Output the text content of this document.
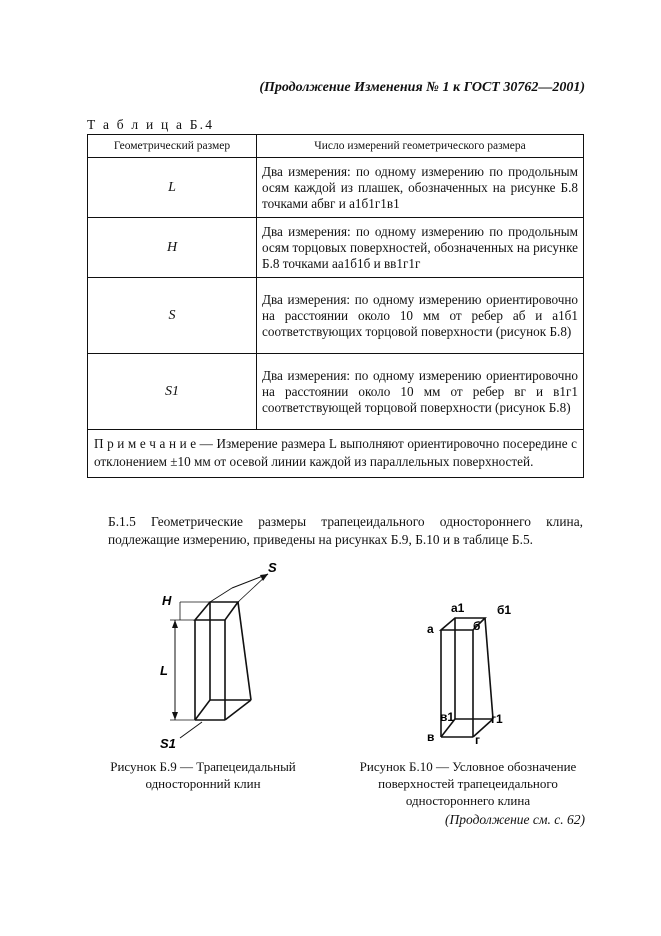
(Продолжение Изменения № 1 к ГОСТ 30762—2001)
Т а б л и ц а Б.4
Геометрический размер	Число измерений геометрического размера
L	Два измерения: по одному измерению по продольным осям каждой из плашек, обозначенных на рисунке Б.8 точками абвг и а1б1г1в1
H	Два измерения: по одному измерению по продольным осям торцовых поверхностей, обозначенных на рисунке Б.8 точками аа1б1б и вв1г1г
S	Два измерения: по одному измерению ориентировочно на расстоянии около 10 мм от ребер аб и а1б1 соответствующих торцовой поверхности (рисунок Б.8)
S1	Два измерения: по одному измерению ориентировочно на расстоянии около 10 мм от ребер вг и в1г1 соответствующей торцовой поверхности (рисунок Б.8)
П р и м е ч а н и е — Измерение размера L выполняют ориентировочно посередине с отклонением ±10 мм от осевой линии каждой из параллельных поверхностей.	
Б.1.5 Геометрические размеры трапецеидального одностороннего клина, подлежащие измерению, приведены на рисунках Б.9, Б.10 и в таблице Б.5.
H
S
L
S1
Рисунок Б.9 — Трапецеидальный односторонний клин
а
а1
б
б1
в
в1
г
г1
Рисунок Б.10 — Условное обозначение поверхностей трапецеидального одностороннего клина
(Продолжение см. с. 62)
